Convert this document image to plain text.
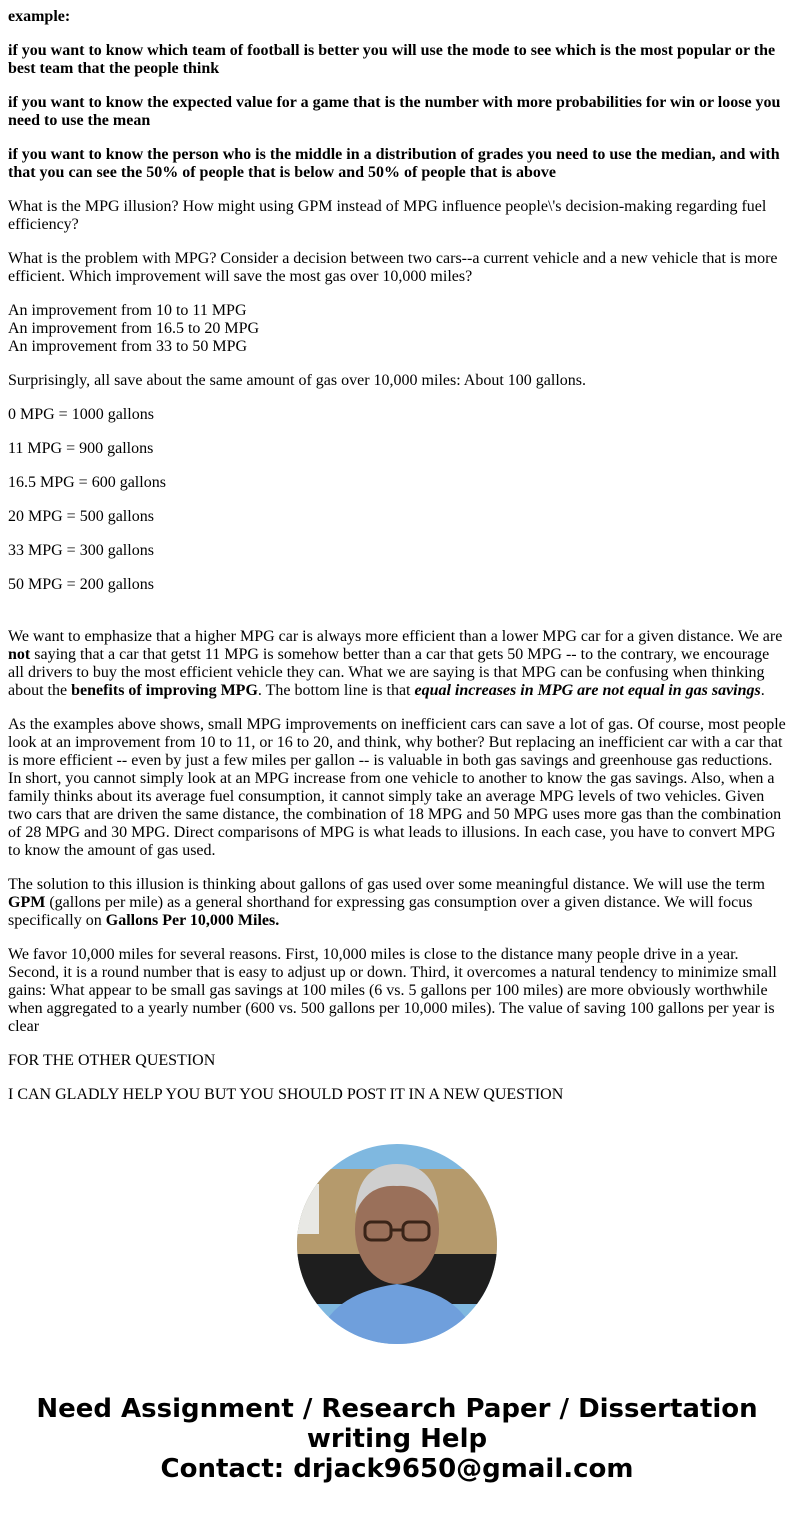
example:

if you want to know which team of football is better you will use the mode to see which is the most popular or the best team that the people think

if you want to know the expected value for a game that is the number with more probabilities for win or loose you need to use the mean

if you want to know the person who is the middle in a distribution of grades you need to use the median, and with that you can see the 50% of people that is below and 50% of people that is above

What is the MPG illusion? How might using GPM instead of MPG influence people\'s decision-making regarding fuel efficiency?

What is the problem with MPG? Consider a decision between two cars--a current vehicle and a new vehicle that is more efficient. Which improvement will save the most gas over 10,000 miles?

An improvement from 10 to 11 MPG
An improvement from 16.5 to 20 MPG
An improvement from 33 to 50 MPG

Surprisingly, all save about the same amount of gas over 10,000 miles: About 100 gallons.

0 MPG = 1000 gallons

11 MPG = 900 gallons

16.5 MPG = 600 gallons

20 MPG = 500 gallons

33 MPG = 300 gallons

50 MPG = 200 gallons

We want to emphasize that a higher MPG car is always more efficient than a lower MPG car for a given distance. We are not saying that a car that getst 11 MPG is somehow better than a car that gets 50 MPG -- to the contrary, we encourage all drivers to buy the most efficient vehicle they can. What we are saying is that MPG can be confusing when thinking about the benefits of improving MPG. The bottom line is that equal increases in MPG are not equal in gas savings.

As the examples above shows, small MPG improvements on inefficient cars can save a lot of gas. Of course, most people look at an improvement from 10 to 11, or 16 to 20, and think, why bother? But replacing an inefficient car with a car that is more efficient -- even by just a few miles per gallon -- is valuable in both gas savings and greenhouse gas reductions. In short, you cannot simply look at an MPG increase from one vehicle to another to know the gas savings. Also, when a family thinks about its average fuel consumption, it cannot simply take an average MPG levels of two vehicles. Given two cars that are driven the same distance, the combination of 18 MPG and 50 MPG uses more gas than the combination of 28 MPG and 30 MPG. Direct comparisons of MPG is what leads to illusions. In each case, you have to convert MPG to know the amount of gas used.

The solution to this illusion is thinking about gallons of gas used over some meaningful distance. We will use the term GPM (gallons per mile) as a general shorthand for expressing gas consumption over a given distance. We will focus specifically on Gallons Per 10,000 Miles.

We favor 10,000 miles for several reasons. First, 10,000 miles is close to the distance many people drive in a year. Second, it is a round number that is easy to adjust up or down. Third, it overcomes a natural tendency to minimize small gains: What appear to be small gas savings at 100 miles (6 vs. 5 gallons per 100 miles) are more obviously worthwhile when aggregated to a yearly number (600 vs. 500 gallons per 10,000 miles). The value of saving 100 gallons per year is clear

FOR THE OTHER QUESTION

I CAN GLADLY HELP YOU BUT YOU SHOULD POST IT IN A NEW QUESTION

Need Assignment / Research Paper / Dissertation writing Help
Contact: drjack9650@gmail.com
